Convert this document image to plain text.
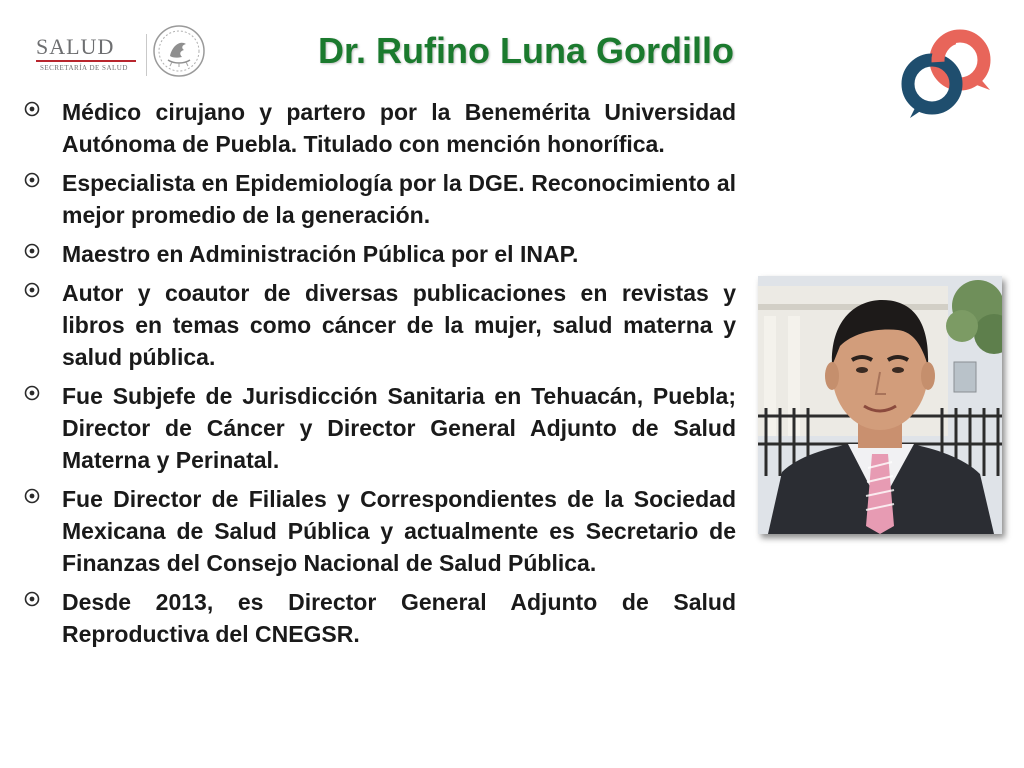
SALUD
SECRETARÍA DE SALUD	Dr. Rufino Luna Gordillo
Médico cirujano y partero por la Benemérita Universidad Autónoma de Puebla. Titulado con mención honorífica.
Especialista en Epidemiología por la DGE. Reconocimiento al mejor promedio de la generación.
Maestro en Administración Pública por el INAP.
Autor y coautor de diversas publicaciones en revistas y libros en temas como cáncer de la mujer, salud materna y salud pública.
Fue Subjefe de Jurisdicción Sanitaria en Tehuacán, Puebla; Director de Cáncer y Director General Adjunto de Salud Materna y Perinatal.
Fue Director de Filiales y Correspondientes de la Sociedad Mexicana de Salud Pública y actualmente es Secretario de Finanzas del Consejo Nacional de Salud Pública.
Desde 2013, es Director General Adjunto de Salud Reproductiva del CNEGSR.
